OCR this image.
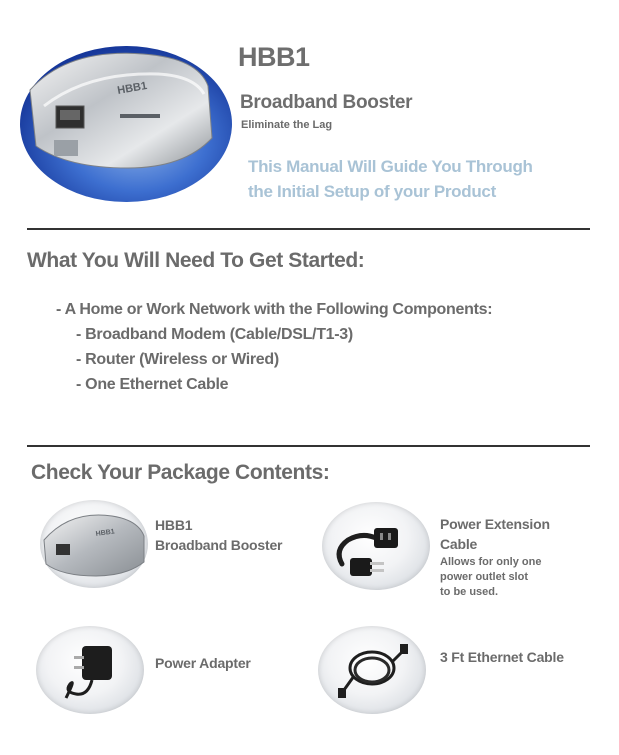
HBB1
HBB1
Broadband Booster
Eliminate the Lag
This Manual Will Guide You Through
the Initial Setup of your Product
What You Will Need To Get Started:
- A Home or Work Network with the Following Components:
- Broadband Modem (Cable/DSL/T1-3)
- Router (Wireless or Wired)
- One Ethernet Cable
Check Your Package Contents:
HBB1
HBB1
Broadband Booster
Power Extension
Cable
Allows for only one
power outlet slot
to be used.
Power Adapter	3 Ft Ethernet Cable
